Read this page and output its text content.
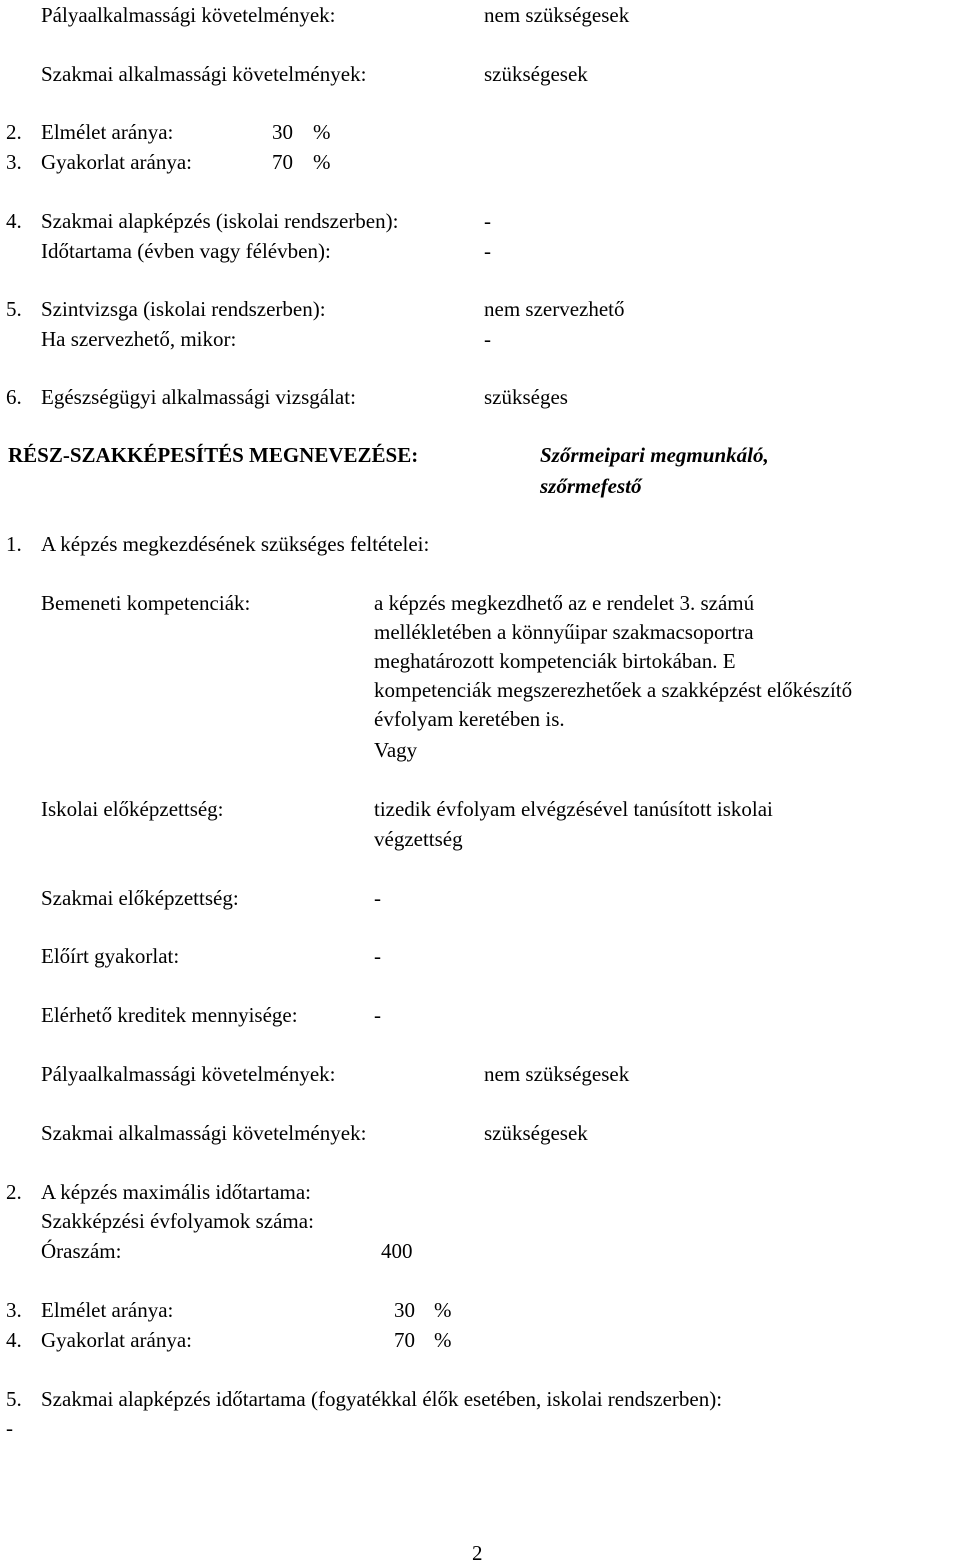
Pályaalkalmassági követelmények:	nem szükségesek
Szakmai alkalmassági követelmények:	szükségesek
2. Elmélet aránya:	30 %
3. Gyakorlat aránya:	70 %
4. Szakmai alapképzés (iskolai rendszerben):	-
Időtartama (évben vagy félévben):	-
5. Szintvizsga (iskolai rendszerben):	nem szervezhető
Ha szervezhető, mikor:	-
6. Egészségügyi alkalmassági vizsgálat:	szükséges
RÉSZ-SZAKKÉPESÍTÉS MEGNEVEZÉSE:	Szőrmeipari megmunkáló,
szőrmefestő
1. A képzés megkezdésének szükséges feltételei:
Bemeneti kompetenciák:	a képzés megkezdhető az e rendelet 3. számú
mellékletében a könnyűipar szakmacsoportra
meghatározott kompetenciák birtokában. E
kompetenciák megszerezhetőek a szakképzést előkészítő
évfolyam keretében is.
Vagy
Iskolai előképzettség:	tizedik évfolyam elvégzésével tanúsított iskolai
végzettség
Szakmai előképzettség:	-
Előírt gyakorlat:	-
Elérhető kreditek mennyisége:	-
Pályaalkalmassági követelmények:	nem szükségesek
Szakmai alkalmassági követelmények:	szükségesek
2. A képzés maximális időtartama:
Szakképzési évfolyamok száma:
Óraszám:	400
3. Elmélet aránya:	30 %
4. Gyakorlat aránya:	70 %
5. Szakmai alapképzés időtartama (fogyatékkal élők esetében, iskolai rendszerben):
-
2
